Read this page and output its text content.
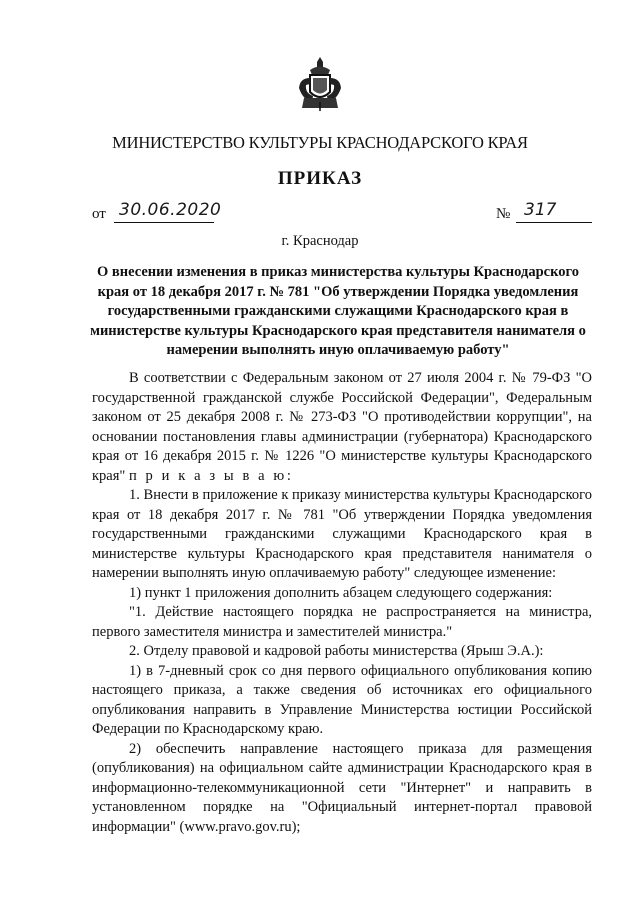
МИНИСТЕРСТВО КУЛЬТУРЫ КРАСНОДАРСКОГО КРАЯ
ПРИКАЗ
от 30.06.2020	№ 317
г. Краснодар
О внесении изменения в приказ министерства культуры Краснодарского края от 18 декабря 2017 г. № 781 "Об утверждении Порядка уведомления государственными гражданскими служащими Краснодарского края в министерстве культуры Краснодарского края представителя нанимателя о намерении выполнять иную оплачиваемую работу"

В соответствии с Федеральным законом от 27 июля 2004 г. № 79-ФЗ "О государственной гражданской службе Российской Федерации", Федеральным законом от 25 декабря 2008 г. № 273-ФЗ "О противодействии коррупции", на основании постановления главы администрации (губернатора) Краснодарского края от 16 декабря 2015 г. № 1226 "О министерстве культуры Краснодарского края" п р и к а з ы в а ю:

1. Внести в приложение к приказу министерства культуры Краснодарского края от 18 декабря 2017 г. № 781 "Об утверждении Порядка уведомления государственными гражданскими служащими Краснодарского края в министерстве культуры Краснодарского края представителя нанимателя о намерении выполнять иную оплачиваемую работу" следующее изменение:

1) пункт 1 приложения дополнить абзацем следующего содержания:

"1. Действие настоящего порядка не распространяется на министра, первого заместителя министра и заместителей министра."

2. Отделу правовой и кадровой работы министерства (Ярыш Э.А.):

1) в 7-дневный срок со дня первого официального опубликования копию настоящего приказа, а также сведения об источниках его официального опубликования направить в Управление Министерства юстиции Российской Федерации по Краснодарскому краю.

2) обеспечить направление настоящего приказа для размещения (опубликования) на официальном сайте администрации Краснодарского края в информационно-телекоммуникационной сети "Интернет" и направить в установленном порядке на "Официальный интернет-портал правовой информации" (www.pravo.gov.ru);
